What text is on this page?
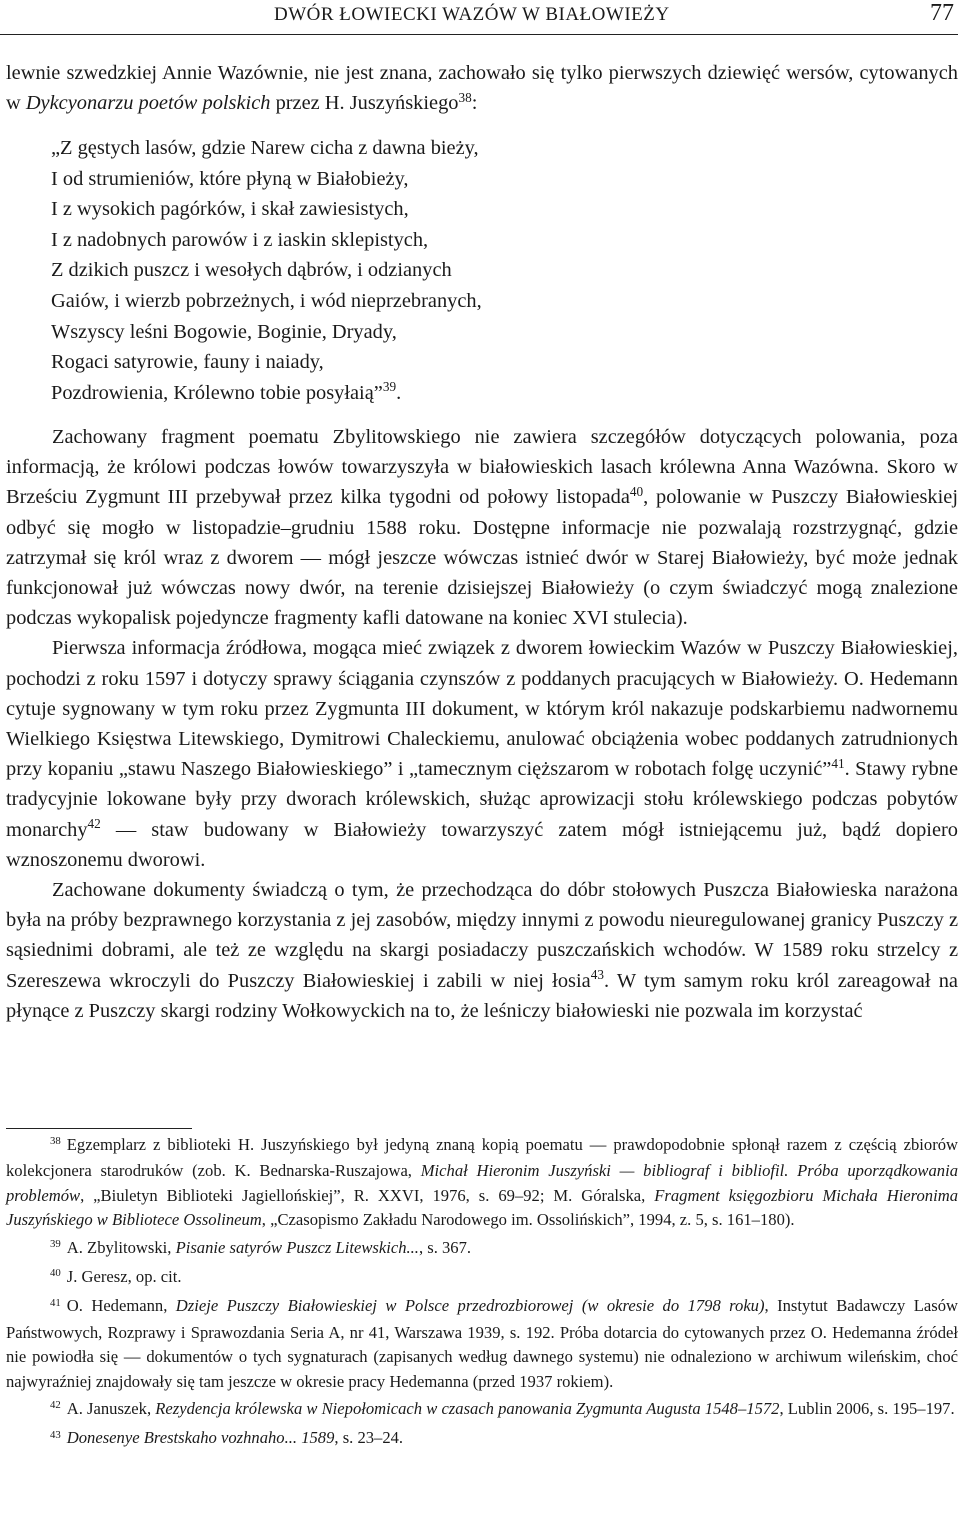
DWÓR ŁOWIECKI WAZÓW W BIAŁOWIEŻY	77

lewnie szwedzkiej Annie Wazównie, nie jest znana, zachowało się tylko pierwszych dziewięć wersów, cytowanych w Dykcyonarzu poetów polskich przez H. Juszyńskiego$^{38}$:

„Z gęstych lasów, gdzie Narew cicha z dawna bieży,
I od strumieniów, które płyną w Białobieży,
I z wysokich pagórków, i skał zawiesistych,
I z nadobnych parowów i z iaskin sklepistych,
Z dzikich puszcz i wesołych dąbrów, i odzianych
Gaiów, i wierzb pobrzeżnych, i wód nieprzebranych,
Wszyscy leśni Bogowie, Boginie, Dryady,
Rogaci satyrowie, fauny i naiady,
Pozdrowienia, Królewno tobie posyłaią”$^{39}$.

Zachowany fragment poematu Zbylitowskiego nie zawiera szczegółów dotyczących polowania, poza informacją, że królowi podczas łowów towarzyszyła w białowieskich lasach królewna Anna Wazówna. Skoro w Brześciu Zygmunt III przebywał przez kilka tygodni od połowy listopada$^{40}$, polowanie w Puszczy Białowieskiej odbyć się mogło w listopadzie–grudniu 1588 roku. Dostępne informacje nie pozwalają rozstrzygnąć, gdzie zatrzymał się król wraz z dworem — mógł jeszcze wówczas istnieć dwór w Starej Białowieży, być może jednak funkcjonował już wówczas nowy dwór, na terenie dzisiejszej Białowieży (o czym świadczyć mogą znalezione podczas wykopalisk pojedyncze fragmenty kafli datowane na koniec XVI stulecia).

Pierwsza informacja źródłowa, mogąca mieć związek z dworem łowieckim Wazów w Puszczy Białowieskiej, pochodzi z roku 1597 i dotyczy sprawy ściągania czynszów z poddanych pracujących w Białowieży. O. Hedemann cytuje sygnowany w tym roku przez Zygmunta III dokument, w którym król nakazuje podskarbiemu nadwornemu Wielkiego Księstwa Litewskiego, Dymitrowi Chaleckiemu, anulować obciążenia wobec poddanych zatrudnionych przy kopaniu „stawu Naszego Białowieskiego” i „tamecznym cięższarom w robotach folgę uczynić”$^{41}$. Stawy rybne tradycyjnie lokowane były przy dworach królewskich, służąc aprowizacji stołu królewskiego podczas pobytów monarchy$^{42}$ — staw budowany w Białowieży towarzyszyć zatem mógł istniejącemu już, bądź dopiero wznoszonemu dworowi.

Zachowane dokumenty świadczą o tym, że przechodząca do dóbr stołowych Puszcza Białowieska narażona była na próby bezprawnego korzystania z jej zasobów, między innymi z powodu nieuregulowanej granicy Puszczy z sąsiednimi dobrami, ale też ze względu na skargi posiadaczy puszczańskich wchodów. W 1589 roku strzelcy z Szereszewa wkroczyli do Puszczy Białowieskiej i zabili w niej łosia$^{43}$. W tym samym roku król zareagował na płynące z Puszczy skargi rodziny Wołkowyckich na to, że leśniczy białowieski nie pozwala im korzystać

$^{38}$ Egzemplarz z biblioteki H. Juszyńskiego był jedyną znaną kopią poematu — prawdopodobnie spłonął razem z częścią zbiorów kolekcjonera starodruków (zob. K. Bednarska-Ruszajowa, Michał Hieronim Juszyński — bibliograf i bibliofil. Próba uporządkowania problemów, „Biuletyn Biblioteki Jagiellońskiej”, R. XXVI, 1976, s. 69–92; M. Góralska, Fragment księgozbioru Michała Hieronima Juszyńskiego w Bibliotece Ossolineum, „Czasopismo Zakładu Narodowego im. Ossolińskich”, 1994, z. 5, s. 161–180).

$^{39}$ A. Zbylitowski, Pisanie satyrów Puszcz Litewskich..., s. 367.

$^{40}$ J. Geresz, op. cit.

$^{41}$ O. Hedemann, Dzieje Puszczy Białowieskiej w Polsce przedrozbiorowej (w okresie do 1798 roku), Instytut Badawczy Lasów Państwowych, Rozprawy i Sprawozdania Seria A, nr 41, Warszawa 1939, s. 192. Próba dotarcia do cytowanych przez O. Hedemanna źródeł nie powiodła się — dokumentów o tych sygnaturach (zapisanych według dawnego systemu) nie odnaleziono w archiwum wileńskim, choć najwyraźniej znajdowały się tam jeszcze w okresie pracy Hedemanna (przed 1937 rokiem).

$^{42}$ A. Januszek, Rezydencja królewska w Niepołomicach w czasach panowania Zygmunta Augusta 1548–1572, Lublin 2006, s. 195–197.

$^{43}$ Donesenye Brestskaho vozhnaho... 1589, s. 23–24.
